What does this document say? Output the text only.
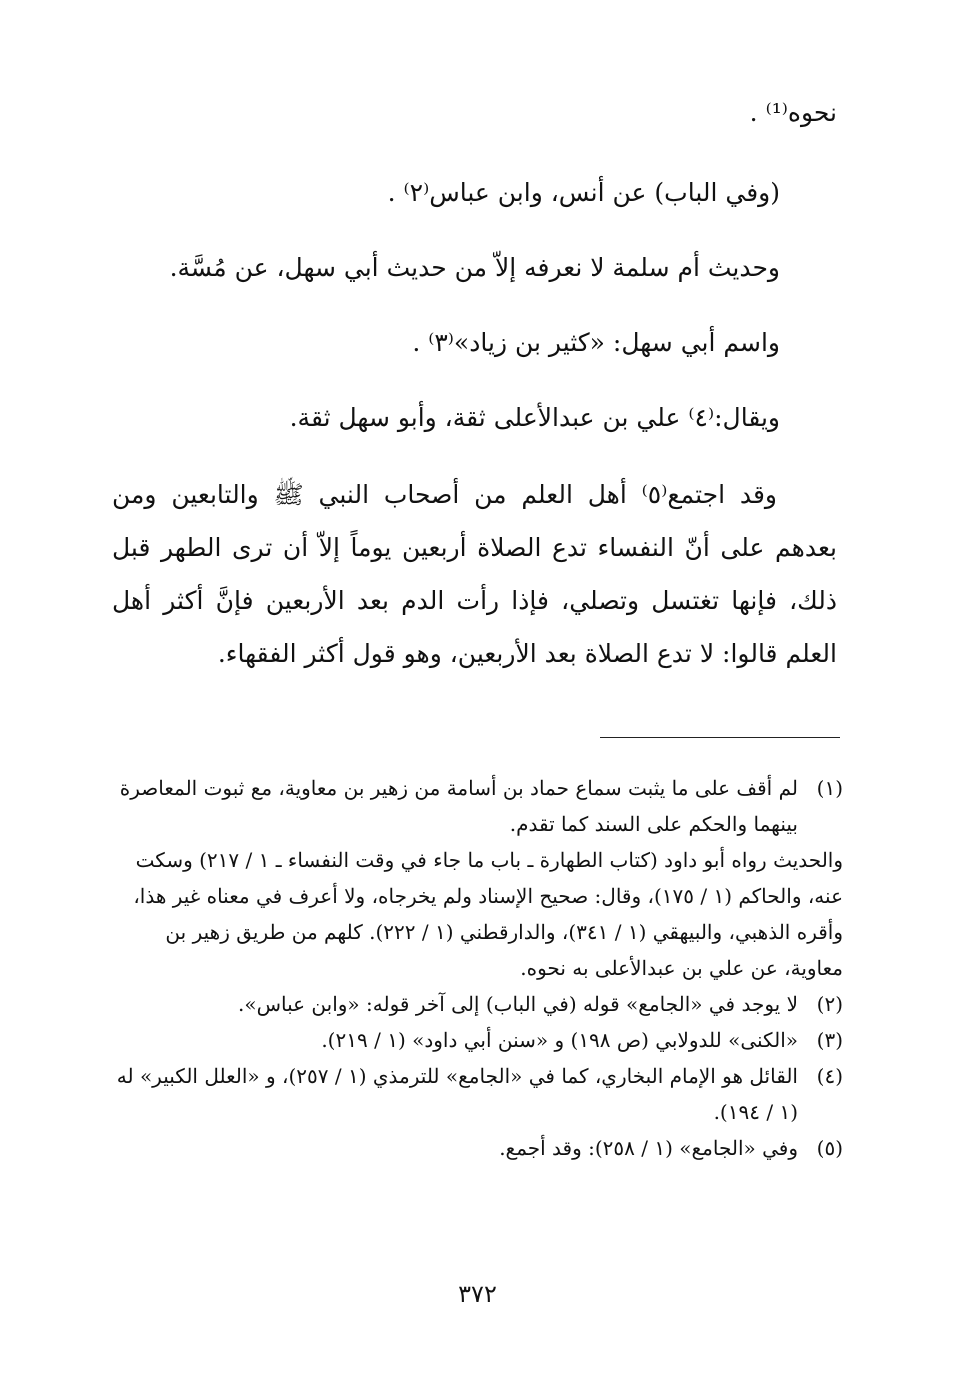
نحوه⁽¹⁾ .
(وفي الباب) عن أنس، وابن عباس⁽٢⁾ .
وحديث أم سلمة لا نعرفه إلاّ من حديث أبي سهل، عن مُسَّة.
واسم أبي سهل: «كثير بن زياد»⁽٣⁾ .
ويقال:⁽٤⁾ علي بن عبدالأعلى ثقة، وأبو سهل ثقة.
وقد اجتمع⁽٥⁾ أهل العلم من أصحاب النبي ﷺ والتابعين ومن بعدهم على أنّ النفساء تدع الصلاة أربعين يوماً إلاّ أن ترى الطهر قبل ذلك، فإنها تغتسل وتصلي، فإذا رأت الدم بعد الأربعين فإنَّ أكثر أهل العلم قالوا: لا تدع الصلاة بعد الأربعين، وهو قول أكثر الفقهاء.
(١)
لم أقف على ما يثبت سماع حماد بن أسامة من زهير بن معاوية، مع ثبوت المعاصرة بينهما والحكم على السند كما تقدم.
والحديث رواه أبو داود (كتاب الطهارة ـ باب ما جاء في وقت النفساء ـ ١ / ٢١٧) وسكت عنه، والحاكم (١ / ١٧٥)، وقال: صحيح الإسناد ولم يخرجاه، ولا أعرف في معناه غير هذا، وأقره الذهبي، والبيهقي (١ / ٣٤١)، والدارقطني (١ / ٢٢٢). كلهم من طريق زهير بن معاوية، عن علي بن عبدالأعلى به نحوه.
(٢)
لا يوجد في «الجامع» قوله (في الباب) إلى آخر قوله: «وابن عباس».
(٣)
«الكنى» للدولابي (ص ١٩٨) و «سنن أبي داود» (١ / ٢١٩).
(٤)
القائل هو الإمام البخاري، كما في «الجامع» للترمذي (١ / ٢٥٧)، و «العلل الكبير» له (١ / ١٩٤).
(٥)
وفي «الجامع» (١ / ٢٥٨): وقد أجمع.
٣٧٢
